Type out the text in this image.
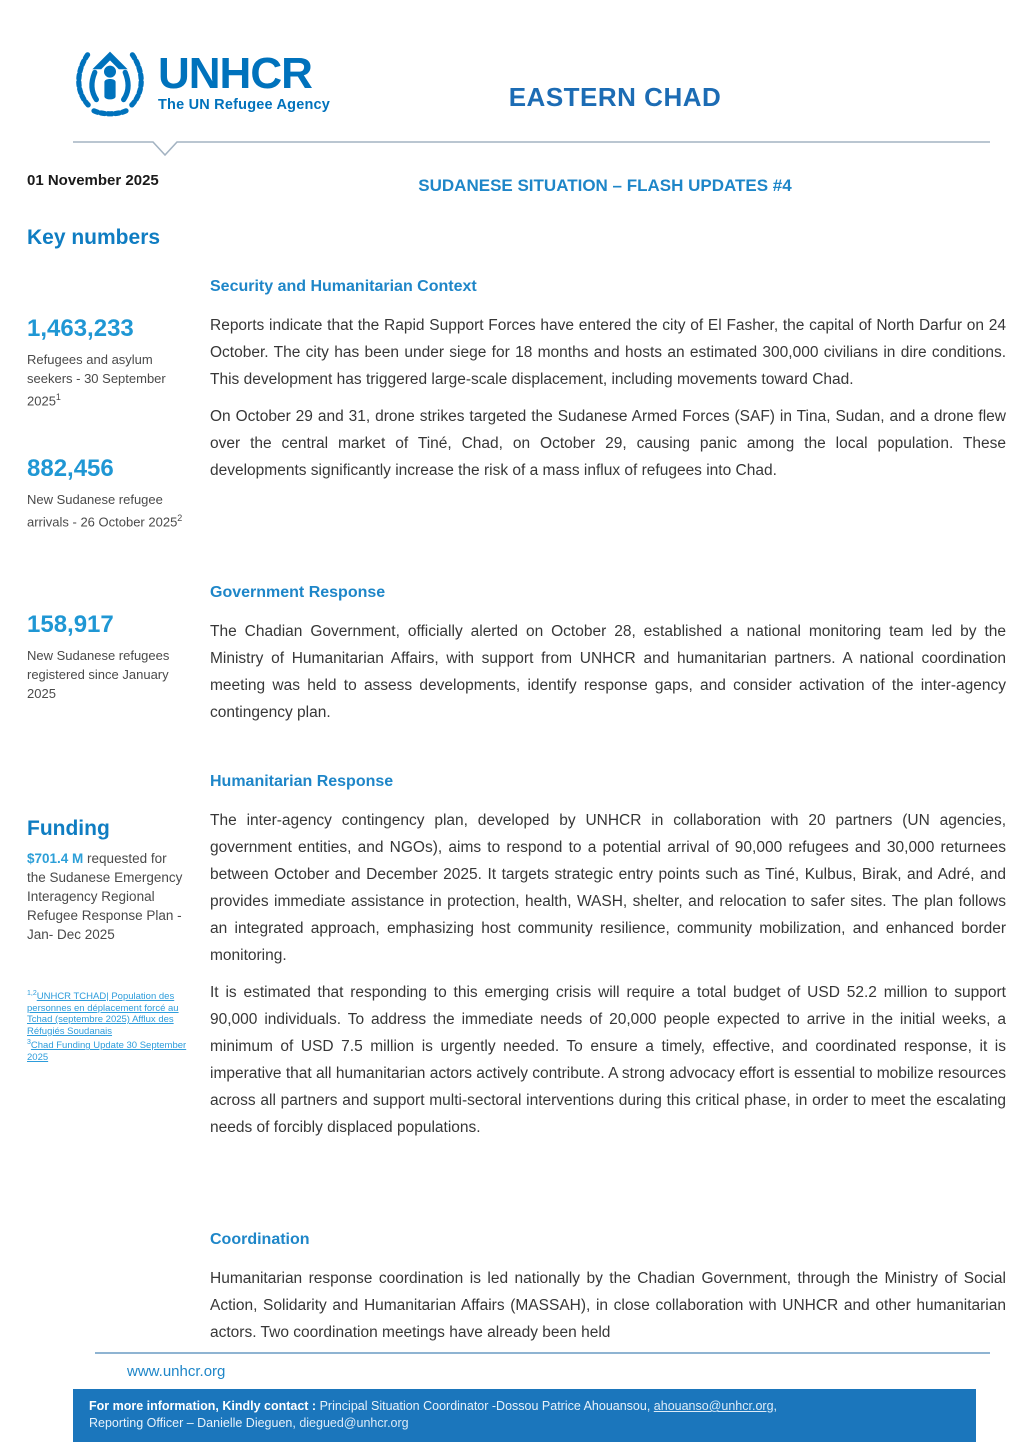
UNHCR
The UN Refugee Agency	EASTERN CHAD
01 November 2025	SUDANESE SITUATION – FLASH UPDATES #4
Key numbers
1,463,233
Refugees and asylum seekers - 30 September 2025$^1$
882,456
New Sudanese refugee arrivals - 26 October 2025$^2$
158,917
New Sudanese refugees registered since January 2025
Funding
$701.4 M requested for the Sudanese Emergency Interagency Regional Refugee Response Plan - Jan- Dec 2025
$^{1,2}$UNHCR TCHAD| Population des personnes en déplacement forcé au Tchad (septembre 2025) Afflux des Réfugiés Soudanais
$^3$Chad Funding Update 30 September 2025
Security and Humanitarian Context

Reports indicate that the Rapid Support Forces have entered the city of El Fasher, the capital of North Darfur on 24 October. The city has been under siege for 18 months and hosts an estimated 300,000 civilians in dire conditions. This development has triggered large-scale displacement, including movements toward Chad.

On October 29 and 31, drone strikes targeted the Sudanese Armed Forces (SAF) in Tina, Sudan, and a drone flew over the central market of Tiné, Chad, on October 29, causing panic among the local population. These developments significantly increase the risk of a mass influx of refugees into Chad.

Government Response

The Chadian Government, officially alerted on October 28, established a national monitoring team led by the Ministry of Humanitarian Affairs, with support from UNHCR and humanitarian partners. A national coordination meeting was held to assess developments, identify response gaps, and consider activation of the inter-agency contingency plan.

Humanitarian Response

The inter-agency contingency plan, developed by UNHCR in collaboration with 20 partners (UN agencies, government entities, and NGOs), aims to respond to a potential arrival of 90,000 refugees and 30,000 returnees between October and December 2025. It targets strategic entry points such as Tiné, Kulbus, Birak, and Adré, and provides immediate assistance in protection, health, WASH, shelter, and relocation to safer sites. The plan follows an integrated approach, emphasizing host community resilience, community mobilization, and enhanced border monitoring.

It is estimated that responding to this emerging crisis will require a total budget of USD 52.2 million to support 90,000 individuals. To address the immediate needs of 20,000 people expected to arrive in the initial weeks, a minimum of USD 7.5 million is urgently needed. To ensure a timely, effective, and coordinated response, it is imperative that all humanitarian actors actively contribute. A strong advocacy effort is essential to mobilize resources across all partners and support multi-sectoral interventions during this critical phase, in order to meet the escalating needs of forcibly displaced populations.

Coordination

Humanitarian response coordination is led nationally by the Chadian Government, through the Ministry of Social Action, Solidarity and Humanitarian Affairs (MASSAH), in close collaboration with UNHCR and other humanitarian actors. Two coordination meetings have already been held

www.unhcr.org
For more information, Kindly contact : Principal Situation Coordinator -Dossou Patrice Ahouansou, ahouanso@unhcr.org,
Reporting Officer – Danielle Dieguen, diegued@unhcr.org
